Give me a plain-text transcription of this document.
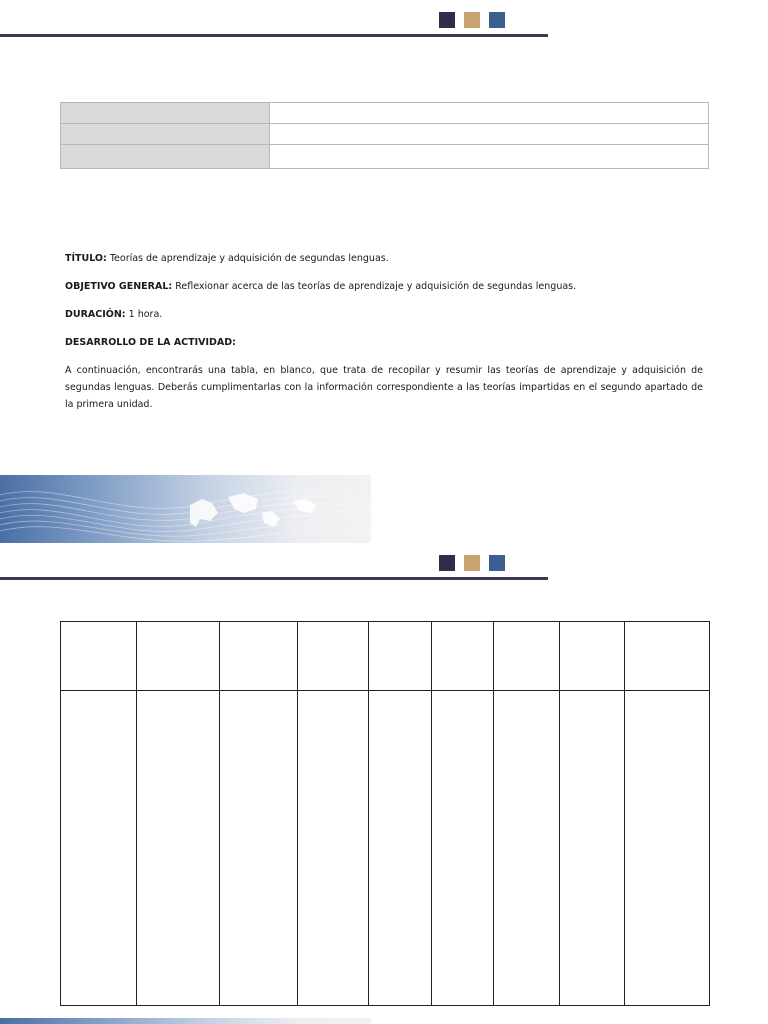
TÍTULO: Teorías de aprendizaje y adquisición de segundas lenguas.

OBJETIVO GENERAL: Reflexionar acerca de las teorías de aprendizaje y adquisición de segundas lenguas.

DURACIÓN: 1 hora.

DESARROLLO DE LA ACTIVIDAD:

A continuación, encontrarás una tabla, en blanco, que trata de recopilar y resumir las teorías de aprendizaje y adquisición de segundas lenguas. Deberás cumplimentarlas con la información correspondiente a las teorías impartidas en el segundo apartado de la primera unidad.
